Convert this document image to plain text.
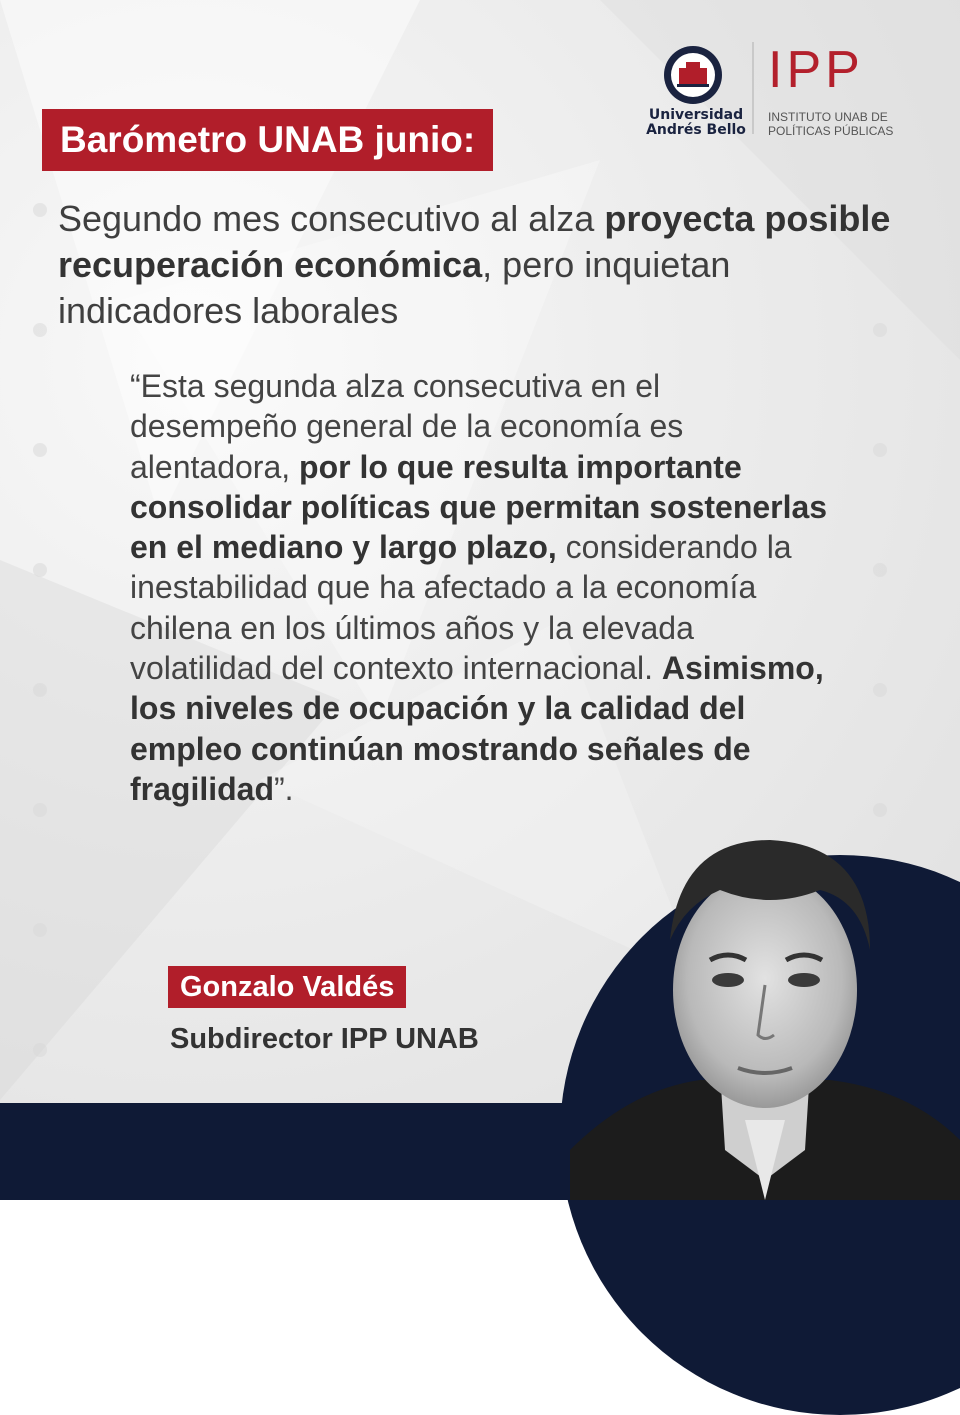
Universidad
Andrés Bello
IPP
INSTITUTO UNAB DE
POLÍTICAS PÚBLICAS
Barómetro UNAB junio:
Segundo mes consecutivo al alza proyecta posible recuperación económica, pero inquietan indicadores laborales
“Esta segunda alza consecutiva en el desempeño general de la economía es alentadora, por lo que resulta importante consolidar políticas que permitan sostenerlas en el mediano y largo plazo, considerando la inestabilidad que ha afectado a la economía chilena en los últimos años y la elevada volatilidad del contexto internacional. Asimismo, los niveles de ocupación y la calidad del empleo continúan mostrando señales de fragilidad”.
Gonzalo Valdés
Subdirector IPP UNAB
